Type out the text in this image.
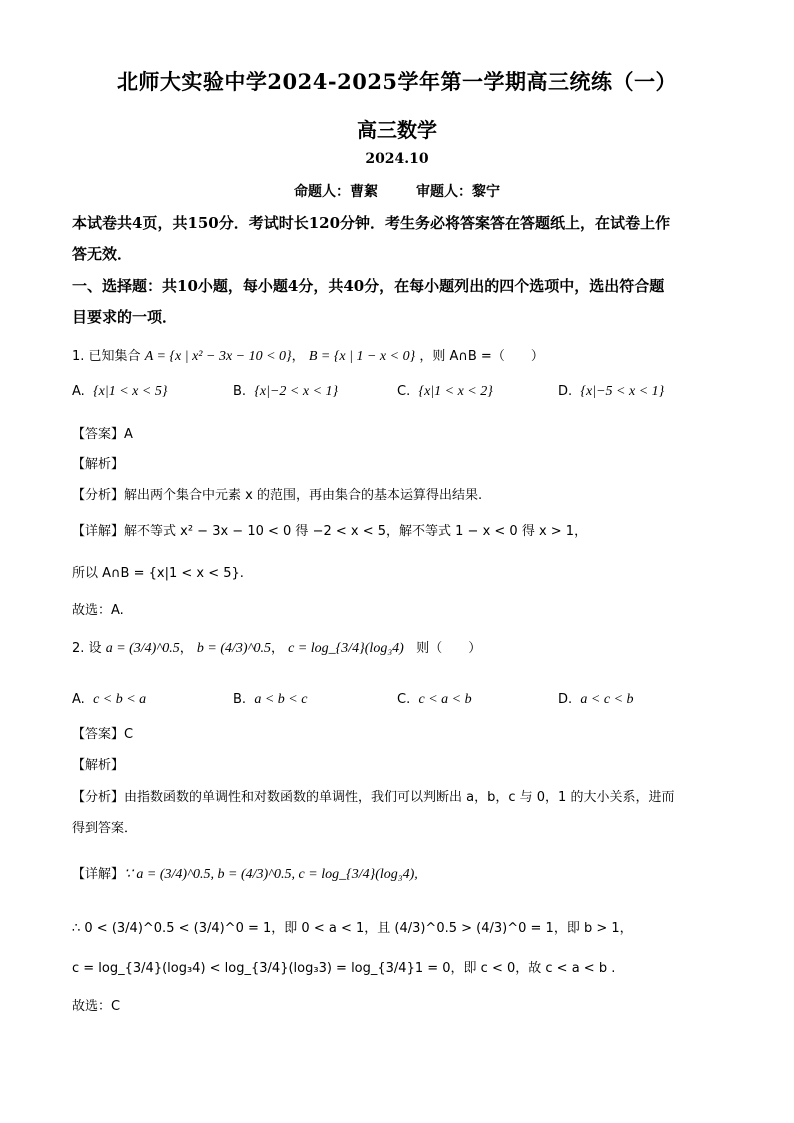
北师大实验中学2024-2025学年第一学期高三统练（一）
高三数学
2024.10
命题人：曹絮	审题人：黎宁
本试卷共4页，共150分．考试时长120分钟．考生务必将答案答在答题纸上，在试卷上作
答无效．
一、选择题：共10小题，每小题4分，共40分，在每小题列出的四个选项中，选出符合题
目要求的一项．
1. 已知集合 A = {x | x² − 3x − 10 < 0}， B = {x | 1 − x < 0} ，则 A∩B =（　　）
A. {x|1 < x < 5}	B. {x|−2 < x < 1}	C. {x|1 < x < 2}	D. {x|−5 < x < 1}
【答案】A
【解析】
【分析】解出两个集合中元素 x 的范围，再由集合的基本运算得出结果.
【详解】解不等式 x² − 3x − 10 < 0 得 −2 < x < 5，解不等式 1 − x < 0 得 x > 1，
所以 A∩B = {x|1 < x < 5}.
故选：A.
2. 设 a = (3/4)^0.5， b = (4/3)^0.5， c = log_{3/4}(log₃4) 则（　　）
A. c < b < a	B. a < b < c	C. c < a < b	D. a < c < b
【答案】C
【解析】
【分析】由指数函数的单调性和对数函数的单调性，我们可以判断出 a，b，c 与 0，1 的大小关系，进而
得到答案．
【详解】∵ a = (3/4)^0.5, b = (4/3)^0.5, c = log_{3/4}(log₃4),
∴ 0 < (3/4)^0.5 < (3/4)^0 = 1，即 0 < a < 1，且 (4/3)^0.5 > (4/3)^0 = 1，即 b > 1，
c = log_{3/4}(log₃4) < log_{3/4}(log₃3) = log_{3/4}1 = 0，即 c < 0，故 c < a < b .
故选：C
